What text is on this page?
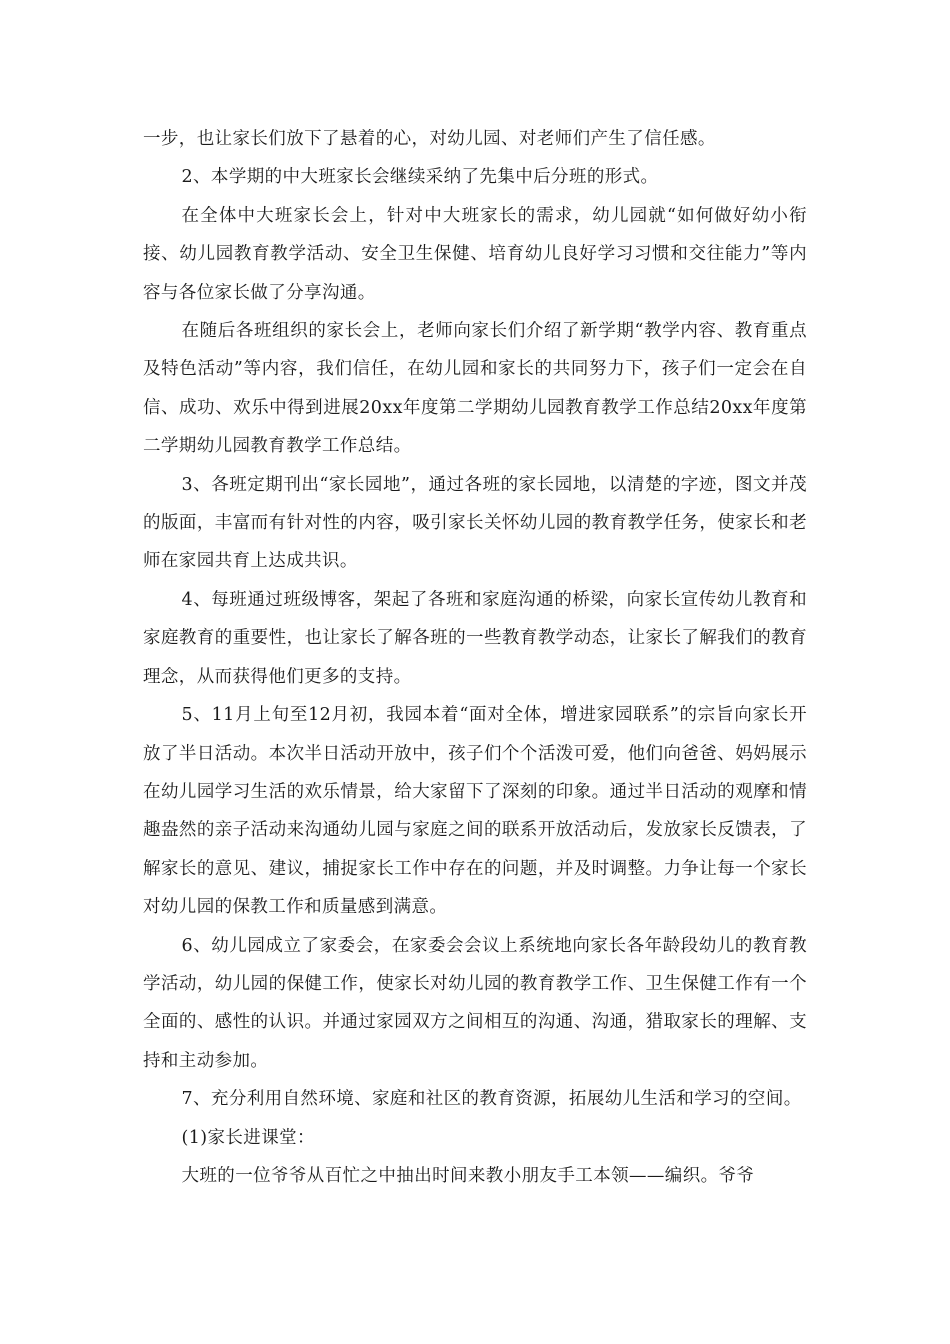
一步，也让家长们放下了悬着的心，对幼儿园、对老师们产生了信任感。

2、本学期的中大班家长会继续采纳了先集中后分班的形式。

在全体中大班家长会上，针对中大班家长的需求，幼儿园就“如何做好幼小衔接、幼儿园教育教学活动、安全卫生保健、培育幼儿良好学习习惯和交往能力”等内容与各位家长做了分享沟通。

在随后各班组织的家长会上，老师向家长们介绍了新学期“教学内容、教育重点及特色活动”等内容，我们信任，在幼儿园和家长的共同努力下，孩子们一定会在自信、成功、欢乐中得到进展20xx年度第二学期幼儿园教育教学工作总结20xx年度第二学期幼儿园教育教学工作总结。

3、各班定期刊出“家长园地”，通过各班的家长园地，以清楚的字迹，图文并茂的版面，丰富而有针对性的内容，吸引家长关怀幼儿园的教育教学任务，使家长和老师在家园共育上达成共识。

4、每班通过班级博客，架起了各班和家庭沟通的桥梁，向家长宣传幼儿教育和家庭教育的重要性，也让家长了解各班的一些教育教学动态，让家长了解我们的教育理念，从而获得他们更多的支持。

5、11月上旬至12月初，我园本着“面对全体，增进家园联系”的宗旨向家长开放了半日活动。本次半日活动开放中，孩子们个个活泼可爱，他们向爸爸、妈妈展示在幼儿园学习生活的欢乐情景，给大家留下了深刻的印象。通过半日活动的观摩和情趣盎然的亲子活动来沟通幼儿园与家庭之间的联系开放活动后，发放家长反馈表，了解家长的意见、建议，捕捉家长工作中存在的问题，并及时调整。力争让每一个家长对幼儿园的保教工作和质量感到满意。

6、幼儿园成立了家委会，在家委会会议上系统地向家长各年龄段幼儿的教育教学活动，幼儿园的保健工作，使家长对幼儿园的教育教学工作、卫生保健工作有一个全面的、感性的认识。并通过家园双方之间相互的沟通、沟通，猎取家长的理解、支持和主动参加。

7、充分利用自然环境、家庭和社区的教育资源，拓展幼儿生活和学习的空间。

(1)家长进课堂：

大班的一位爷爷从百忙之中抽出时间来教小朋友手工本领——编织。爷爷
